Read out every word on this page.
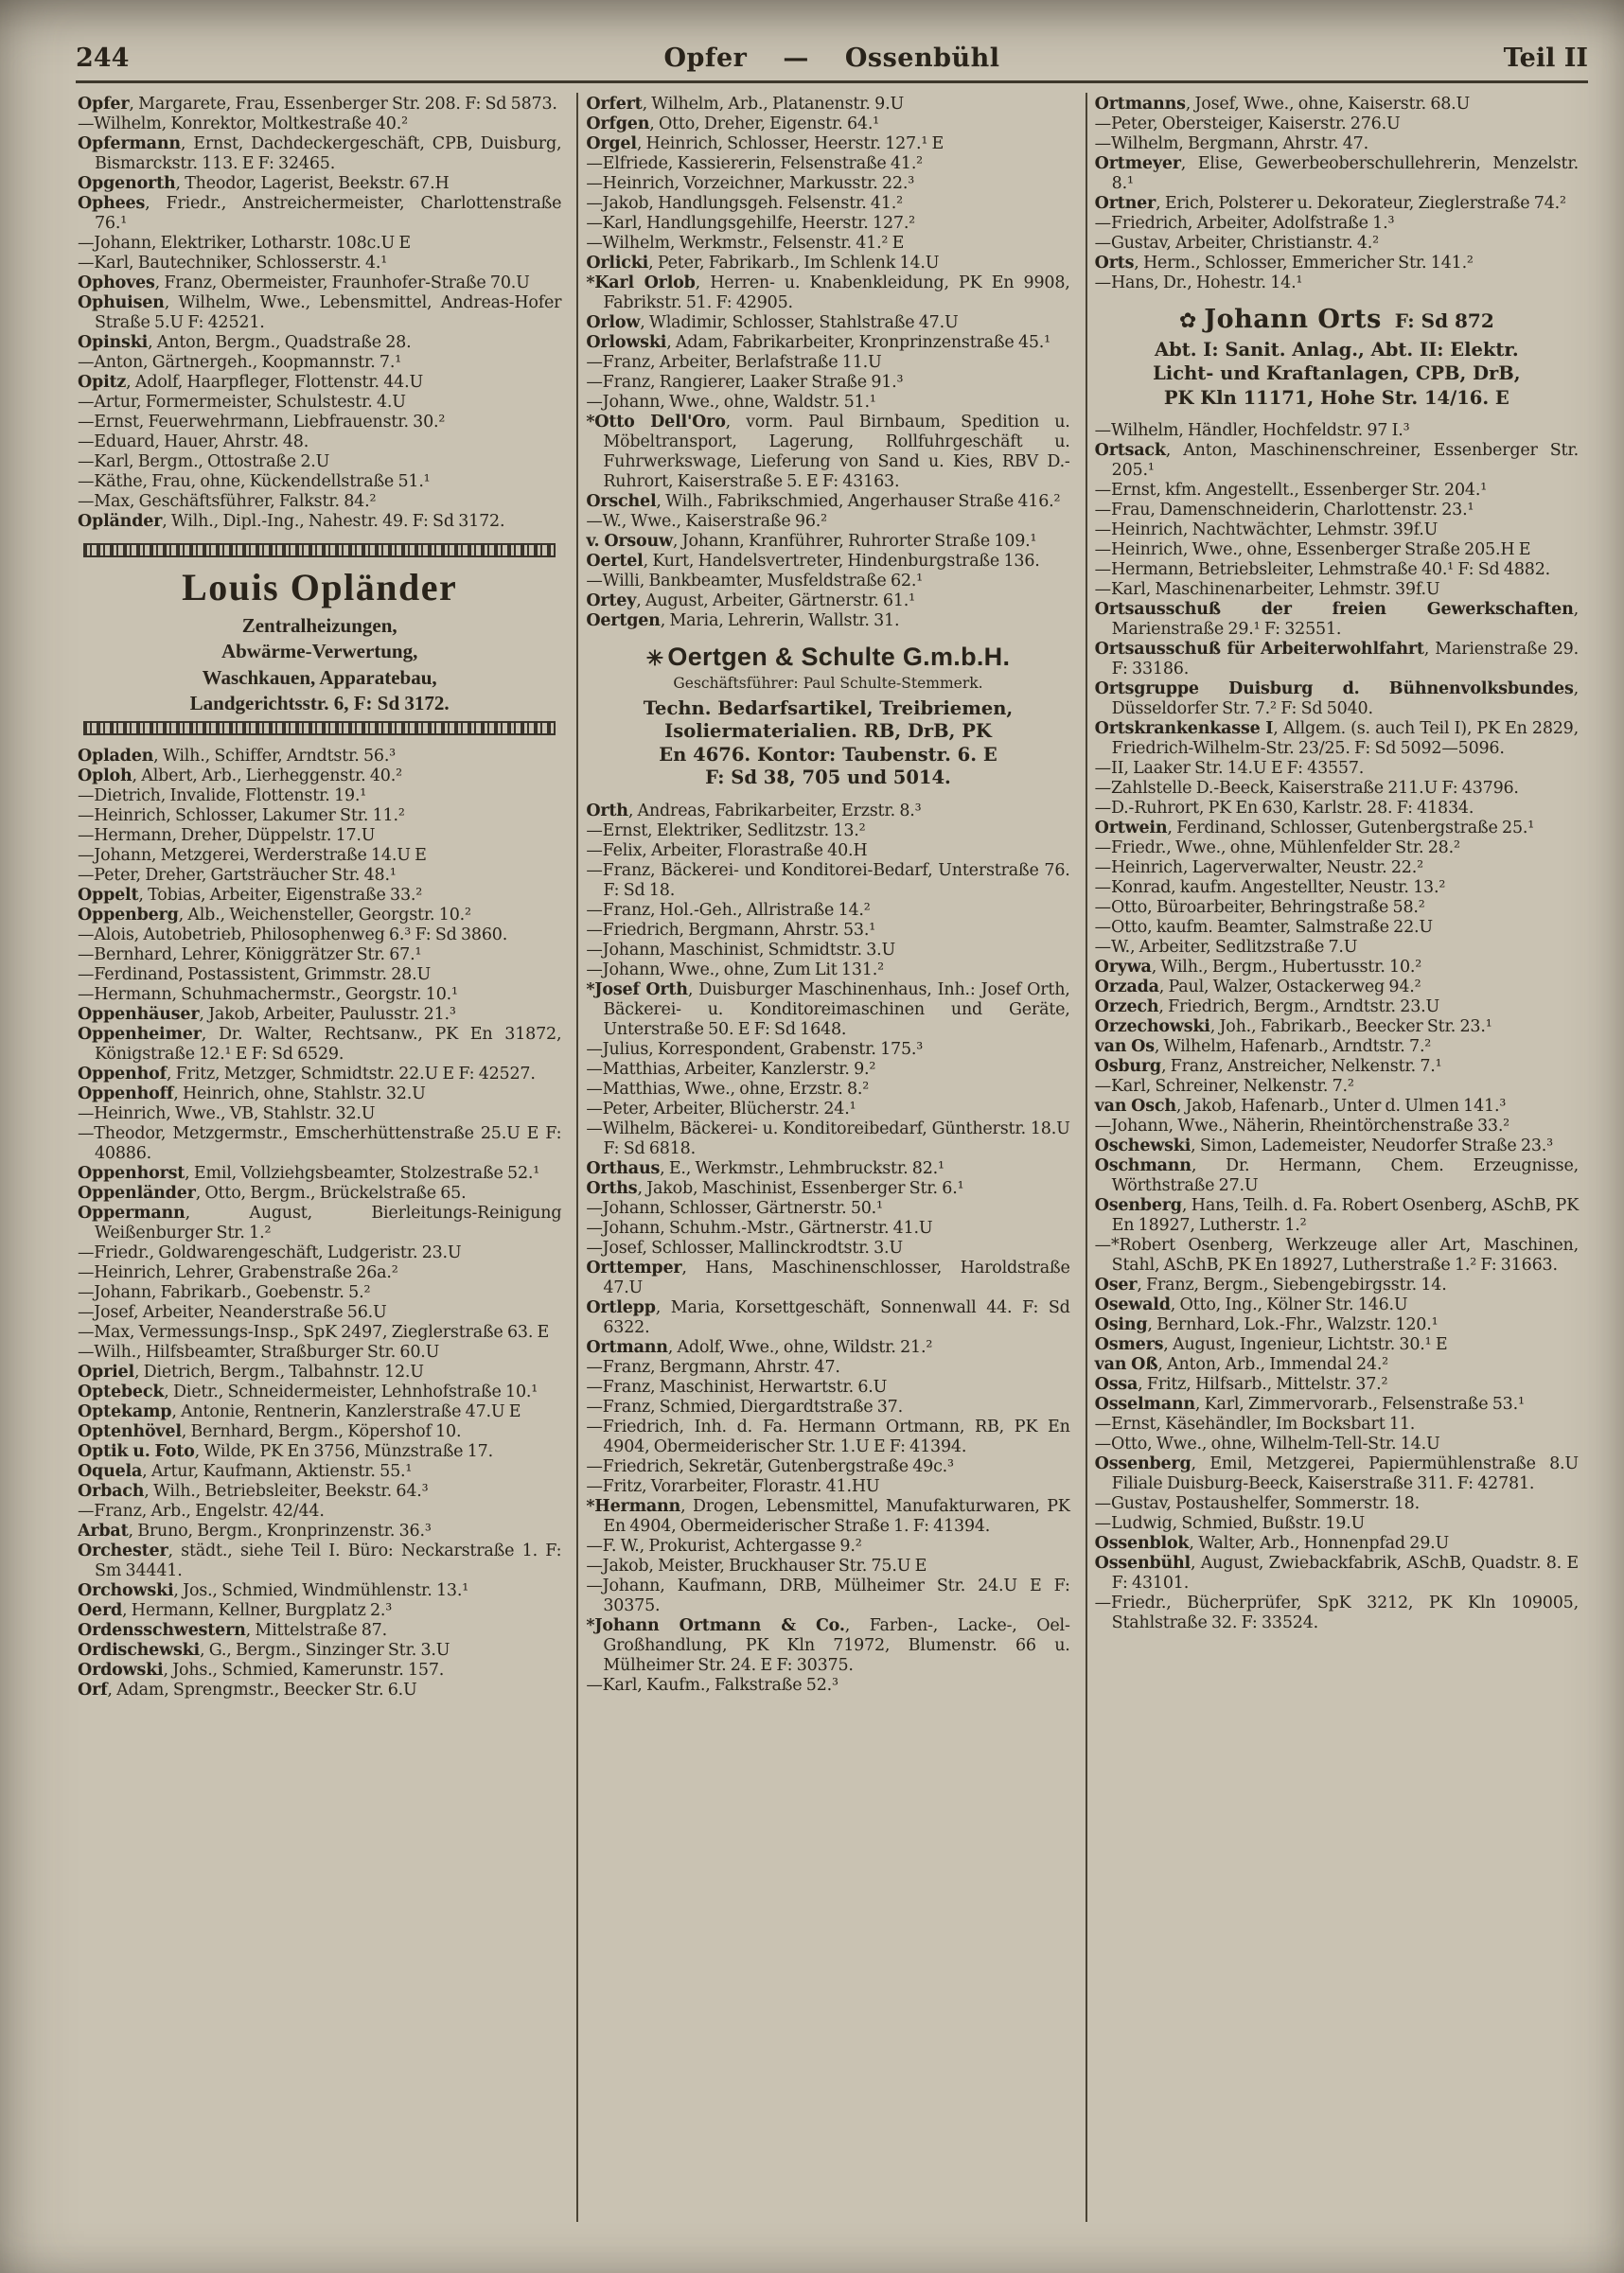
244	Opfer — Ossenbühl	Teil II

Opfer, Margarete, Frau, Essenberger Str. 208. F: Sd 5873.

—Wilhelm, Konrektor, Moltkestraße 40.²

Opfermann, Ernst, Dachdeckergeschäft, CPB, Duisburg, Bismarckstr. 113. E F: 32465.

Opgenorth, Theodor, Lagerist, Beekstr. 67.H

Ophees, Friedr., Anstreichermeister, Charlottenstraße 76.¹

—Johann, Elektriker, Lotharstr. 108c.U E

—Karl, Bautechniker, Schlosserstr. 4.¹

Ophoves, Franz, Obermeister, Fraunhofer-Straße 70.U

Ophuisen, Wilhelm, Wwe., Lebensmittel, Andreas-Hofer Straße 5.U F: 42521.

Opinski, Anton, Bergm., Quadstraße 28.

—Anton, Gärtnergeh., Koopmannstr. 7.¹

Opitz, Adolf, Haarpfleger, Flottenstr. 44.U

—Artur, Formermeister, Schulstestr. 4.U

—Ernst, Feuerwehrmann, Liebfrauenstr. 30.²

—Eduard, Hauer, Ahrstr. 48.

—Karl, Bergm., Ottostraße 2.U

—Käthe, Frau, ohne, Kückendellstraße 51.¹

—Max, Geschäftsführer, Falkstr. 84.²

Opländer, Wilh., Dipl.-Ing., Nahestr. 49. F: Sd 3172.

Louis Opländer

Zentralheizungen,

Abwärme-Verwertung,

Waschkauen, Apparatebau,

Landgerichtsstr. 6, F: Sd 3172.

Opladen, Wilh., Schiffer, Arndtstr. 56.³

Oploh, Albert, Arb., Lierheggenstr. 40.²

—Dietrich, Invalide, Flottenstr. 19.¹

—Heinrich, Schlosser, Lakumer Str. 11.²

—Hermann, Dreher, Düppelstr. 17.U

—Johann, Metzgerei, Werderstraße 14.U E

—Peter, Dreher, Gartsträucher Str. 48.¹

Oppelt, Tobias, Arbeiter, Eigenstraße 33.²

Oppenberg, Alb., Weichensteller, Georgstr. 10.²

—Alois, Autobetrieb, Philosophenweg 6.³ F: Sd 3860.

—Bernhard, Lehrer, Königgrätzer Str. 67.¹

—Ferdinand, Postassistent, Grimmstr. 28.U

—Hermann, Schuhmachermstr., Georgstr. 10.¹

Oppenhäuser, Jakob, Arbeiter, Paulusstr. 21.³

Oppenheimer, Dr. Walter, Rechtsanw., PK En 31872, Königstraße 12.¹ E F: Sd 6529.

Oppenhof, Fritz, Metzger, Schmidtstr. 22.U E F: 42527.

Oppenhoff, Heinrich, ohne, Stahlstr. 32.U

—Heinrich, Wwe., VB, Stahlstr. 32.U

—Theodor, Metzgermstr., Emscherhüttenstraße 25.U E F: 40886.

Oppenhorst, Emil, Vollziehgsbeamter, Stolzestraße 52.¹

Oppenländer, Otto, Bergm., Brückelstraße 65.

Oppermann, August, Bierleitungs-Reinigung Weißenburger Str. 1.²

—Friedr., Goldwarengeschäft, Ludgeristr. 23.U

—Heinrich, Lehrer, Grabenstraße 26a.²

—Johann, Fabrikarb., Goebenstr. 5.²

—Josef, Arbeiter, Neanderstraße 56.U

—Max, Vermessungs-Insp., SpK 2497, Zieglerstraße 63. E

—Wilh., Hilfsbeamter, Straßburger Str. 60.U

Opriel, Dietrich, Bergm., Talbahnstr. 12.U

Optebeck, Dietr., Schneidermeister, Lehnhofstraße 10.¹

Optekamp, Antonie, Rentnerin, Kanzlerstraße 47.U E

Optenhövel, Bernhard, Bergm., Köpershof 10.

Optik u. Foto, Wilde, PK En 3756, Münzstraße 17.

Oquela, Artur, Kaufmann, Aktienstr. 55.¹

Orbach, Wilh., Betriebsleiter, Beekstr. 64.³

—Franz, Arb., Engelstr. 42/44.

Arbat, Bruno, Bergm., Kronprinzenstr. 36.³

Orchester, städt., siehe Teil I. Büro: Neckarstraße 1. F: Sm 34441.

Orchowski, Jos., Schmied, Windmühlenstr. 13.¹

Oerd, Hermann, Kellner, Burgplatz 2.³

Ordensschwestern, Mittelstraße 87.

Ordischewski, G., Bergm., Sinzinger Str. 3.U

Ordowski, Johs., Schmied, Kamerunstr. 157.

Orf, Adam, Sprengmstr., Beecker Str. 6.U

Orfert, Wilhelm, Arb., Platanenstr. 9.U

Orfgen, Otto, Dreher, Eigenstr. 64.¹

Orgel, Heinrich, Schlosser, Heerstr. 127.¹ E

—Elfriede, Kassiererin, Felsenstraße 41.²

—Heinrich, Vorzeichner, Markusstr. 22.³

—Jakob, Handlungsgeh. Felsenstr. 41.²

—Karl, Handlungsgehilfe, Heerstr. 127.²

—Wilhelm, Werkmstr., Felsenstr. 41.² E

Orlicki, Peter, Fabrikarb., Im Schlenk 14.U

*Karl Orlob, Herren- u. Knabenkleidung, PK En 9908, Fabrikstr. 51. F: 42905.

Orlow, Wladimir, Schlosser, Stahlstraße 47.U

Orlowski, Adam, Fabrikarbeiter, Kronprinzenstraße 45.¹

—Franz, Arbeiter, Berlafstraße 11.U

—Franz, Rangierer, Laaker Straße 91.³

—Johann, Wwe., ohne, Waldstr. 51.¹

*Otto Dell'Oro, vorm. Paul Birnbaum, Spedition u. Möbeltransport, Lagerung, Rollfuhrgeschäft u. Fuhrwerkswage, Lieferung von Sand u. Kies, RBV D.-Ruhrort, Kaiserstraße 5. E F: 43163.

Orschel, Wilh., Fabrikschmied, Angerhauser Straße 416.²

—W., Wwe., Kaiserstraße 96.²

v. Orsouw, Johann, Kranführer, Ruhrorter Straße 109.¹

Oertel, Kurt, Handelsvertreter, Hindenburgstraße 136.

—Willi, Bankbeamter, Musfeldstraße 62.¹

Ortey, August, Arbeiter, Gärtnerstr. 61.¹

Oertgen, Maria, Lehrerin, Wallstr. 31.

✳ Oertgen & Schulte G.m.b.H.
Geschäftsführer: Paul Schulte-Stemmerk.

Techn. Bedarfsartikel, Treibriemen,

Isoliermaterialien. RB, DrB, PK

En 4676. Kontor: Taubenstr. 6. E

F: Sd 38, 705 und 5014.

Orth, Andreas, Fabrikarbeiter, Erzstr. 8.³

—Ernst, Elektriker, Sedlitzstr. 13.²

—Felix, Arbeiter, Florastraße 40.H

—Franz, Bäckerei- und Konditorei-Bedarf, Unterstraße 76. F: Sd 18.

—Franz, Hol.-Geh., Allristraße 14.²

—Friedrich, Bergmann, Ahrstr. 53.¹

—Johann, Maschinist, Schmidtstr. 3.U

—Johann, Wwe., ohne, Zum Lit 131.²

*Josef Orth, Duisburger Maschinenhaus, Inh.: Josef Orth, Bäckerei- u. Konditoreimaschinen und Geräte, Unterstraße 50. E F: Sd 1648.

—Julius, Korrespondent, Grabenstr. 175.³

—Matthias, Arbeiter, Kanzlerstr. 9.²

—Matthias, Wwe., ohne, Erzstr. 8.²

—Peter, Arbeiter, Blücherstr. 24.¹

—Wilhelm, Bäckerei- u. Konditoreibedarf, Güntherstr. 18.U F: Sd 6818.

Orthaus, E., Werkmstr., Lehmbruckstr. 82.¹

Orths, Jakob, Maschinist, Essenberger Str. 6.¹

—Johann, Schlosser, Gärtnerstr. 50.¹

—Johann, Schuhm.-Mstr., Gärtnerstr. 41.U

—Josef, Schlosser, Mallinckrodtstr. 3.U

Orttemper, Hans, Maschinenschlosser, Haroldstraße 47.U

Ortlepp, Maria, Korsettgeschäft, Sonnenwall 44. F: Sd 6322.

Ortmann, Adolf, Wwe., ohne, Wildstr. 21.²

—Franz, Bergmann, Ahrstr. 47.

—Franz, Maschinist, Herwartstr. 6.U

—Franz, Schmied, Diergardtstraße 37.

—Friedrich, Inh. d. Fa. Hermann Ortmann, RB, PK En 4904, Obermeiderischer Str. 1.U E F: 41394.

—Friedrich, Sekretär, Gutenbergstraße 49c.³

—Fritz, Vorarbeiter, Florastr. 41.HU

*Hermann, Drogen, Lebensmittel, Manufakturwaren, PK En 4904, Obermeiderischer Straße 1. F: 41394.

—F. W., Prokurist, Achtergasse 9.²

—Jakob, Meister, Bruckhauser Str. 75.U E

—Johann, Kaufmann, DRB, Mülheimer Str. 24.U E F: 30375.

*Johann Ortmann & Co., Farben-, Lacke-, Oel-Großhandlung, PK Kln 71972, Blumenstr. 66 u. Mülheimer Str. 24. E F: 30375.

—Karl, Kaufm., Falkstraße 52.³

Ortmanns, Josef, Wwe., ohne, Kaiserstr. 68.U

—Peter, Obersteiger, Kaiserstr. 276.U

—Wilhelm, Bergmann, Ahrstr. 47.

Ortmeyer, Elise, Gewerbeoberschullehrerin, Menzelstr. 8.¹

Ortner, Erich, Polsterer u. Dekorateur, Zieglerstraße 74.²

—Friedrich, Arbeiter, Adolfstraße 1.³

—Gustav, Arbeiter, Christianstr. 4.²

Orts, Herm., Schlosser, Emmericher Str. 141.²

—Hans, Dr., Hohestr. 14.¹

✿ Johann Orts F: Sd 872

Abt. I: Sanit. Anlag., Abt. II: Elektr.

Licht- und Kraftanlagen, CPB, DrB,

PK Kln 11171, Hohe Str. 14/16. E

—Wilhelm, Händler, Hochfeldstr. 97 I.³

Ortsack, Anton, Maschinenschreiner, Essenberger Str. 205.¹

—Ernst, kfm. Angestellt., Essenberger Str. 204.¹

—Frau, Damenschneiderin, Charlottenstr. 23.¹

—Heinrich, Nachtwächter, Lehmstr. 39f.U

—Heinrich, Wwe., ohne, Essenberger Straße 205.H E

—Hermann, Betriebsleiter, Lehmstraße 40.¹ F: Sd 4882.

—Karl, Maschinenarbeiter, Lehmstr. 39f.U

Ortsausschuß der freien Gewerkschaften, Marienstraße 29.¹ F: 32551.

Ortsausschuß für Arbeiterwohlfahrt, Marienstraße 29. F: 33186.

Ortsgruppe Duisburg d. Bühnenvolksbundes, Düsseldorfer Str. 7.² F: Sd 5040.

Ortskrankenkasse I, Allgem. (s. auch Teil I), PK En 2829, Friedrich-Wilhelm-Str. 23/25. F: Sd 5092—5096.

—II, Laaker Str. 14.U E F: 43557.

—Zahlstelle D.-Beeck, Kaiserstraße 211.U F: 43796.

—D.-Ruhrort, PK En 630, Karlstr. 28. F: 41834.

Ortwein, Ferdinand, Schlosser, Gutenbergstraße 25.¹

—Friedr., Wwe., ohne, Mühlenfelder Str. 28.²

—Heinrich, Lagerverwalter, Neustr. 22.²

—Konrad, kaufm. Angestellter, Neustr. 13.²

—Otto, Büroarbeiter, Behringstraße 58.²

—Otto, kaufm. Beamter, Salmstraße 22.U

—W., Arbeiter, Sedlitzstraße 7.U

Orywa, Wilh., Bergm., Hubertusstr. 10.²

Orzada, Paul, Walzer, Ostackerweg 94.²

Orzech, Friedrich, Bergm., Arndtstr. 23.U

Orzechowski, Joh., Fabrikarb., Beecker Str. 23.¹

van Os, Wilhelm, Hafenarb., Arndtstr. 7.²

Osburg, Franz, Anstreicher, Nelkenstr. 7.¹

—Karl, Schreiner, Nelkenstr. 7.²

van Osch, Jakob, Hafenarb., Unter d. Ulmen 141.³

—Johann, Wwe., Näherin, Rheintörchenstraße 33.²

Oschewski, Simon, Lademeister, Neudorfer Straße 23.³

Oschmann, Dr. Hermann, Chem. Erzeugnisse, Wörthstraße 27.U

Osenberg, Hans, Teilh. d. Fa. Robert Osenberg, ASchB, PK En 18927, Lutherstr. 1.²

—*Robert Osenberg, Werkzeuge aller Art, Maschinen, Stahl, ASchB, PK En 18927, Lutherstraße 1.² F: 31663.

Oser, Franz, Bergm., Siebengebirgsstr. 14.

Osewald, Otto, Ing., Kölner Str. 146.U

Osing, Bernhard, Lok.-Fhr., Walzstr. 120.¹

Osmers, August, Ingenieur, Lichtstr. 30.¹ E

van Oß, Anton, Arb., Immendal 24.²

Ossa, Fritz, Hilfsarb., Mittelstr. 37.²

Osselmann, Karl, Zimmervorarb., Felsenstraße 53.¹

—Ernst, Käsehändler, Im Bocksbart 11.

—Otto, Wwe., ohne, Wilhelm-Tell-Str. 14.U

Ossenberg, Emil, Metzgerei, Papiermühlenstraße 8.U Filiale Duisburg-Beeck, Kaiserstraße 311. F: 42781.

—Gustav, Postaushelfer, Sommerstr. 18.

—Ludwig, Schmied, Bußstr. 19.U

Ossenblok, Walter, Arb., Honnenpfad 29.U

Ossenbühl, August, Zwiebackfabrik, ASchB, Quadstr. 8. E F: 43101.

—Friedr., Bücherprüfer, SpK 3212, PK Kln 109005, Stahlstraße 32. F: 33524.
